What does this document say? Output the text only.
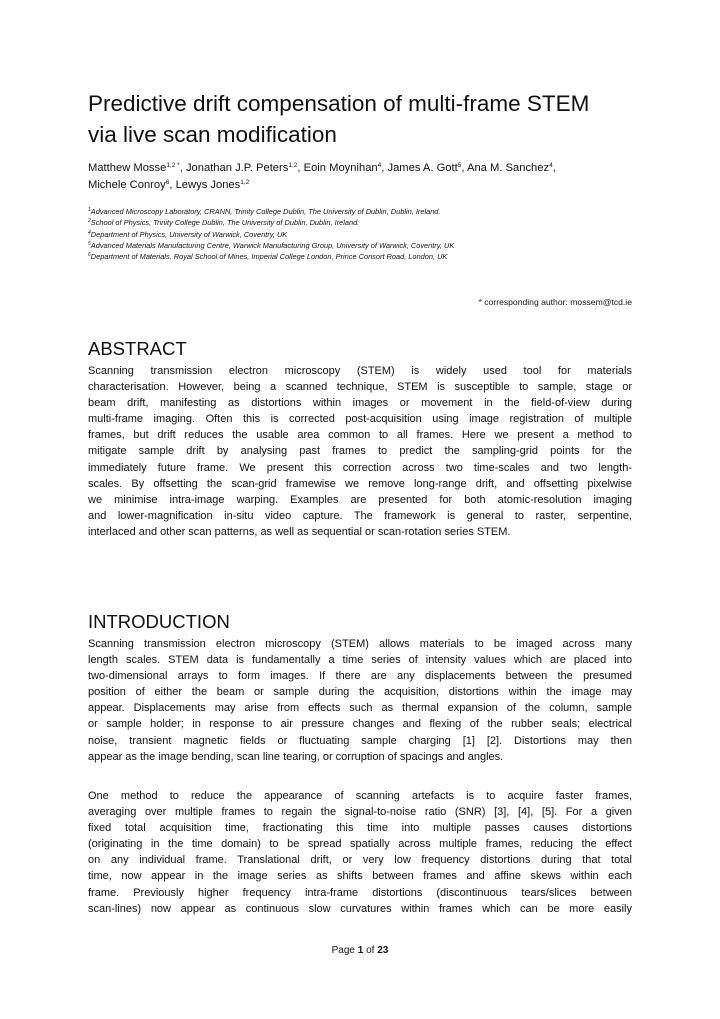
Predictive drift compensation of multi-frame STEM
via live scan modification

Matthew Mosse$^{1,2 *}$, Jonathan J.P. Peters$^{1,2}$, Eoin Moynihan$^4$, James A. Gott$^5$, Ana M. Sanchez$^4$,
Michele Conroy$^6$, Lewys Jones$^{1,2}$

$^1$Advanced Microscopy Laboratory, CRANN, Trinity College Dublin, The University of Dublin, Dublin, Ireland.
$^2$School of Physics, Trinity College Dublin, The University of Dublin, Dublin, Ireland.
$^4$Department of Physics, University of Warwick, Coventry, UK
$^5$Advanced Materials Manufacturing Centre, Warwick Manufacturing Group, University of Warwick, Coventry, UK
$^6$Department of Materials, Royal School of Mines, Imperial College London, Prince Consort Road, London, UK
* corresponding author: mossem@tcd.ie
ABSTRACT
Scanning transmission electron microscopy (STEM) is widely used tool for materials
characterisation. However, being a scanned technique, STEM is susceptible to sample, stage or
beam drift, manifesting as distortions within images or movement in the field-of-view during
multi-frame imaging. Often this is corrected post-acquisition using image registration of multiple
frames, but drift reduces the usable area common to all frames. Here we present a method to
mitigate sample drift by analysing past frames to predict the sampling-grid points for the
immediately future frame. We present this correction across two time-scales and two length-
scales. By offsetting the scan-grid framewise we remove long-range drift, and offsetting pixelwise
we minimise intra-image warping. Examples are presented for both atomic-resolution imaging
and lower-magnification in-situ video capture. The framework is general to raster, serpentine,
interlaced and other scan patterns, as well as sequential or scan-rotation series STEM.
INTRODUCTION
Scanning transmission electron microscopy (STEM) allows materials to be imaged across many
length scales. STEM data is fundamentally a time series of intensity values which are placed into
two-dimensional arrays to form images. If there are any displacements between the presumed
position of either the beam or sample during the acquisition, distortions within the image may
appear. Displacements may arise from effects such as thermal expansion of the column, sample
or sample holder; in response to air pressure changes and flexing of the rubber seals; electrical
noise, transient magnetic fields or fluctuating sample charging [1] [2]. Distortions may then
appear as the image bending, scan line tearing, or corruption of spacings and angles.
One method to reduce the appearance of scanning artefacts is to acquire faster frames,
averaging over multiple frames to regain the signal-to-noise ratio (SNR) [3], [4], [5]. For a given
fixed total acquisition time, fractionating this time into multiple passes causes distortions
(originating in the time domain) to be spread spatially across multiple frames, reducing the effect
on any individual frame. Translational drift, or very low frequency distortions during that total
time, now appear in the image series as shifts between frames and affine skews within each
frame. Previously higher frequency intra-frame distortions (discontinuous tears/slices between
scan-lines) now appear as continuous slow curvatures within frames which can be more easily
Page 1 of 23
